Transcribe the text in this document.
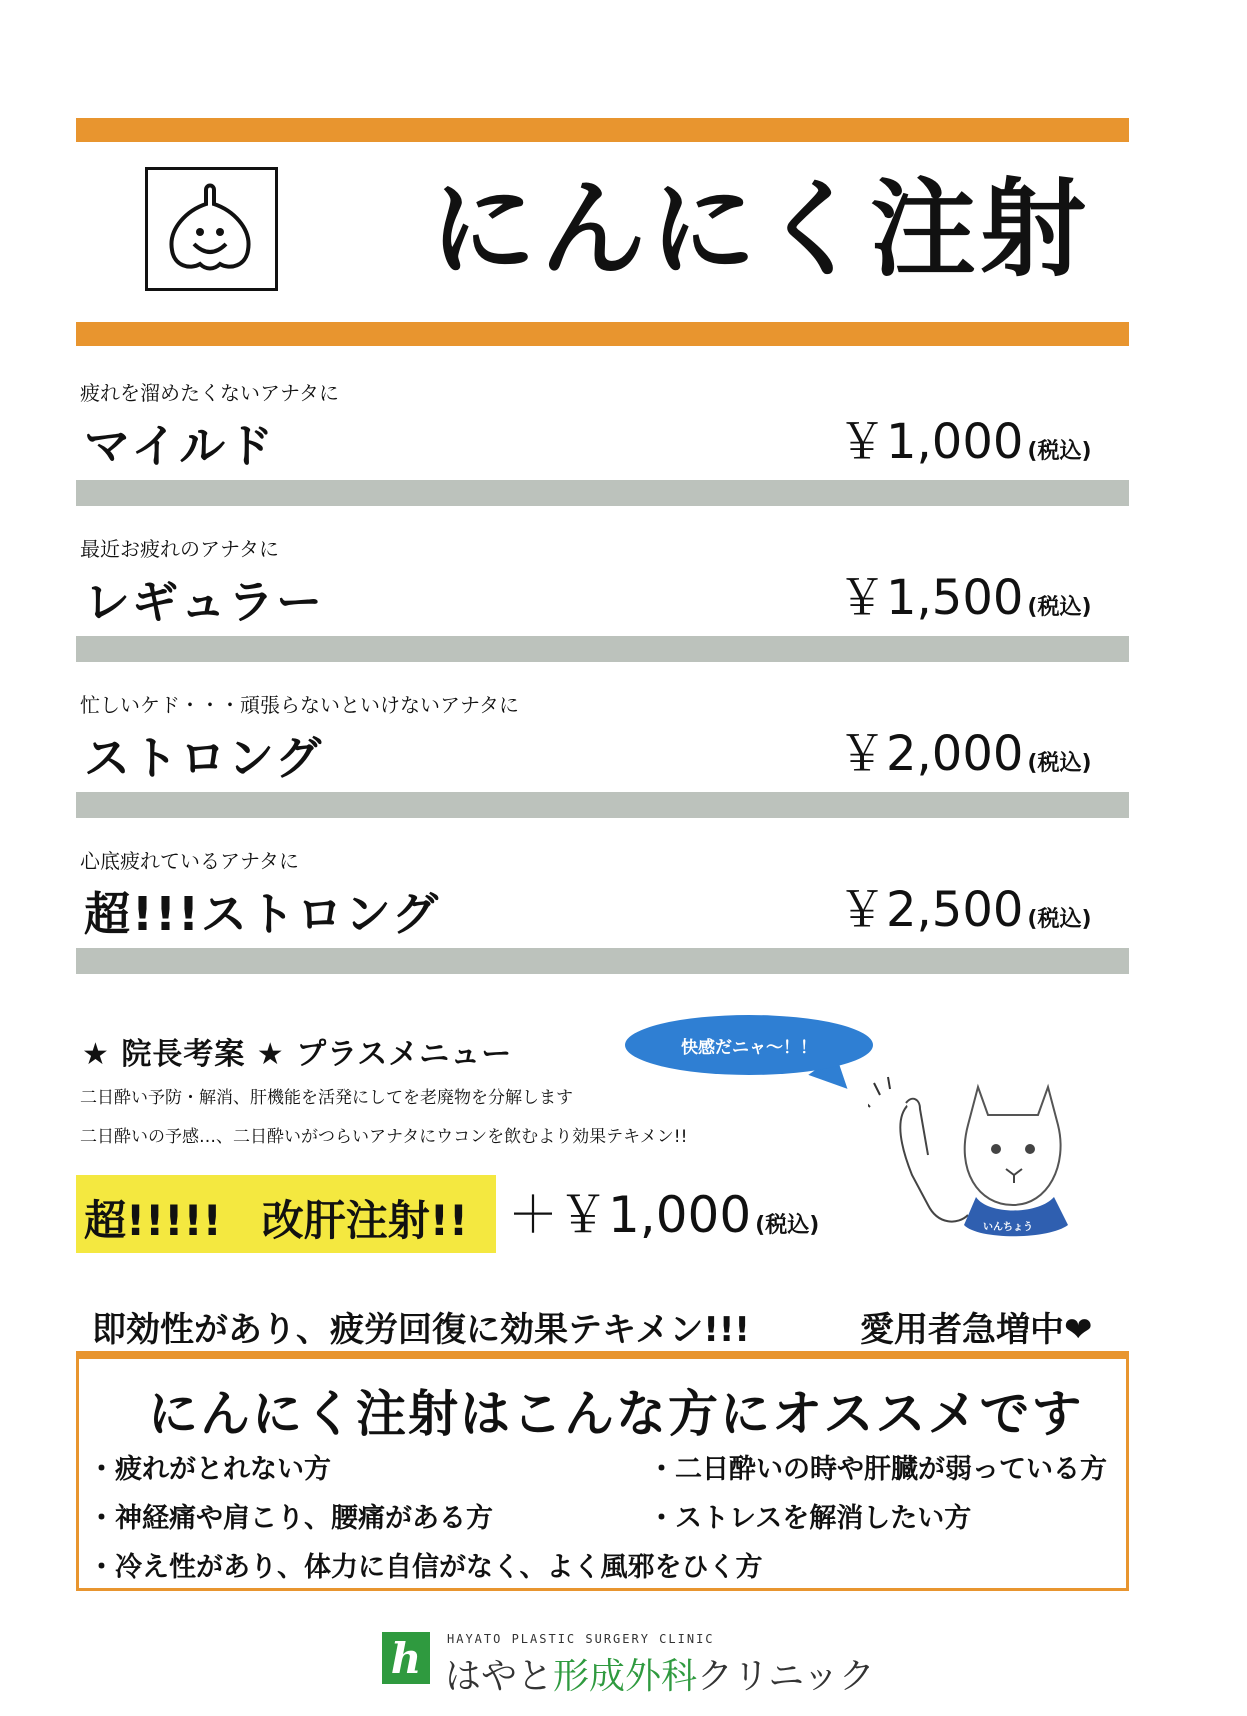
にんにく注射
疲れを溜めたくないアナタに
マイルド	￥1,000 (税込)
最近お疲れのアナタに
レギュラー	￥1,500 (税込)
忙しいケド・・・頑張らないといけないアナタに
ストロング	￥2,000 (税込)
心底疲れているアナタに
超!!!ストロング	￥2,500 (税込)
★ 院長考案 ★ プラスメニュー
二日酔い予防・解消、肝機能を活発にしてを老廃物を分解します
二日酔いの予感…、二日酔いがつらいアナタにウコンを飲むより効果テキメン!!
快感だニャ～！！
いんちょう
超!!!!! 改肝注射!! ＋￥1,000 (税込)
即効性があり、疲労回復に効果テキメン!!!	愛用者急増中❤
にんにく注射はこんな方にオススメです
・疲れがとれない方	・二日酔いの時や肝臓が弱っている方
・神経痛や肩こり、腰痛がある方	・ストレスを解消したい方
・冷え性があり、体力に自信がなく、よく風邪をひく方
h	HAYATO PLASTIC SURGERY CLINIC
はやと形成外科クリニック
